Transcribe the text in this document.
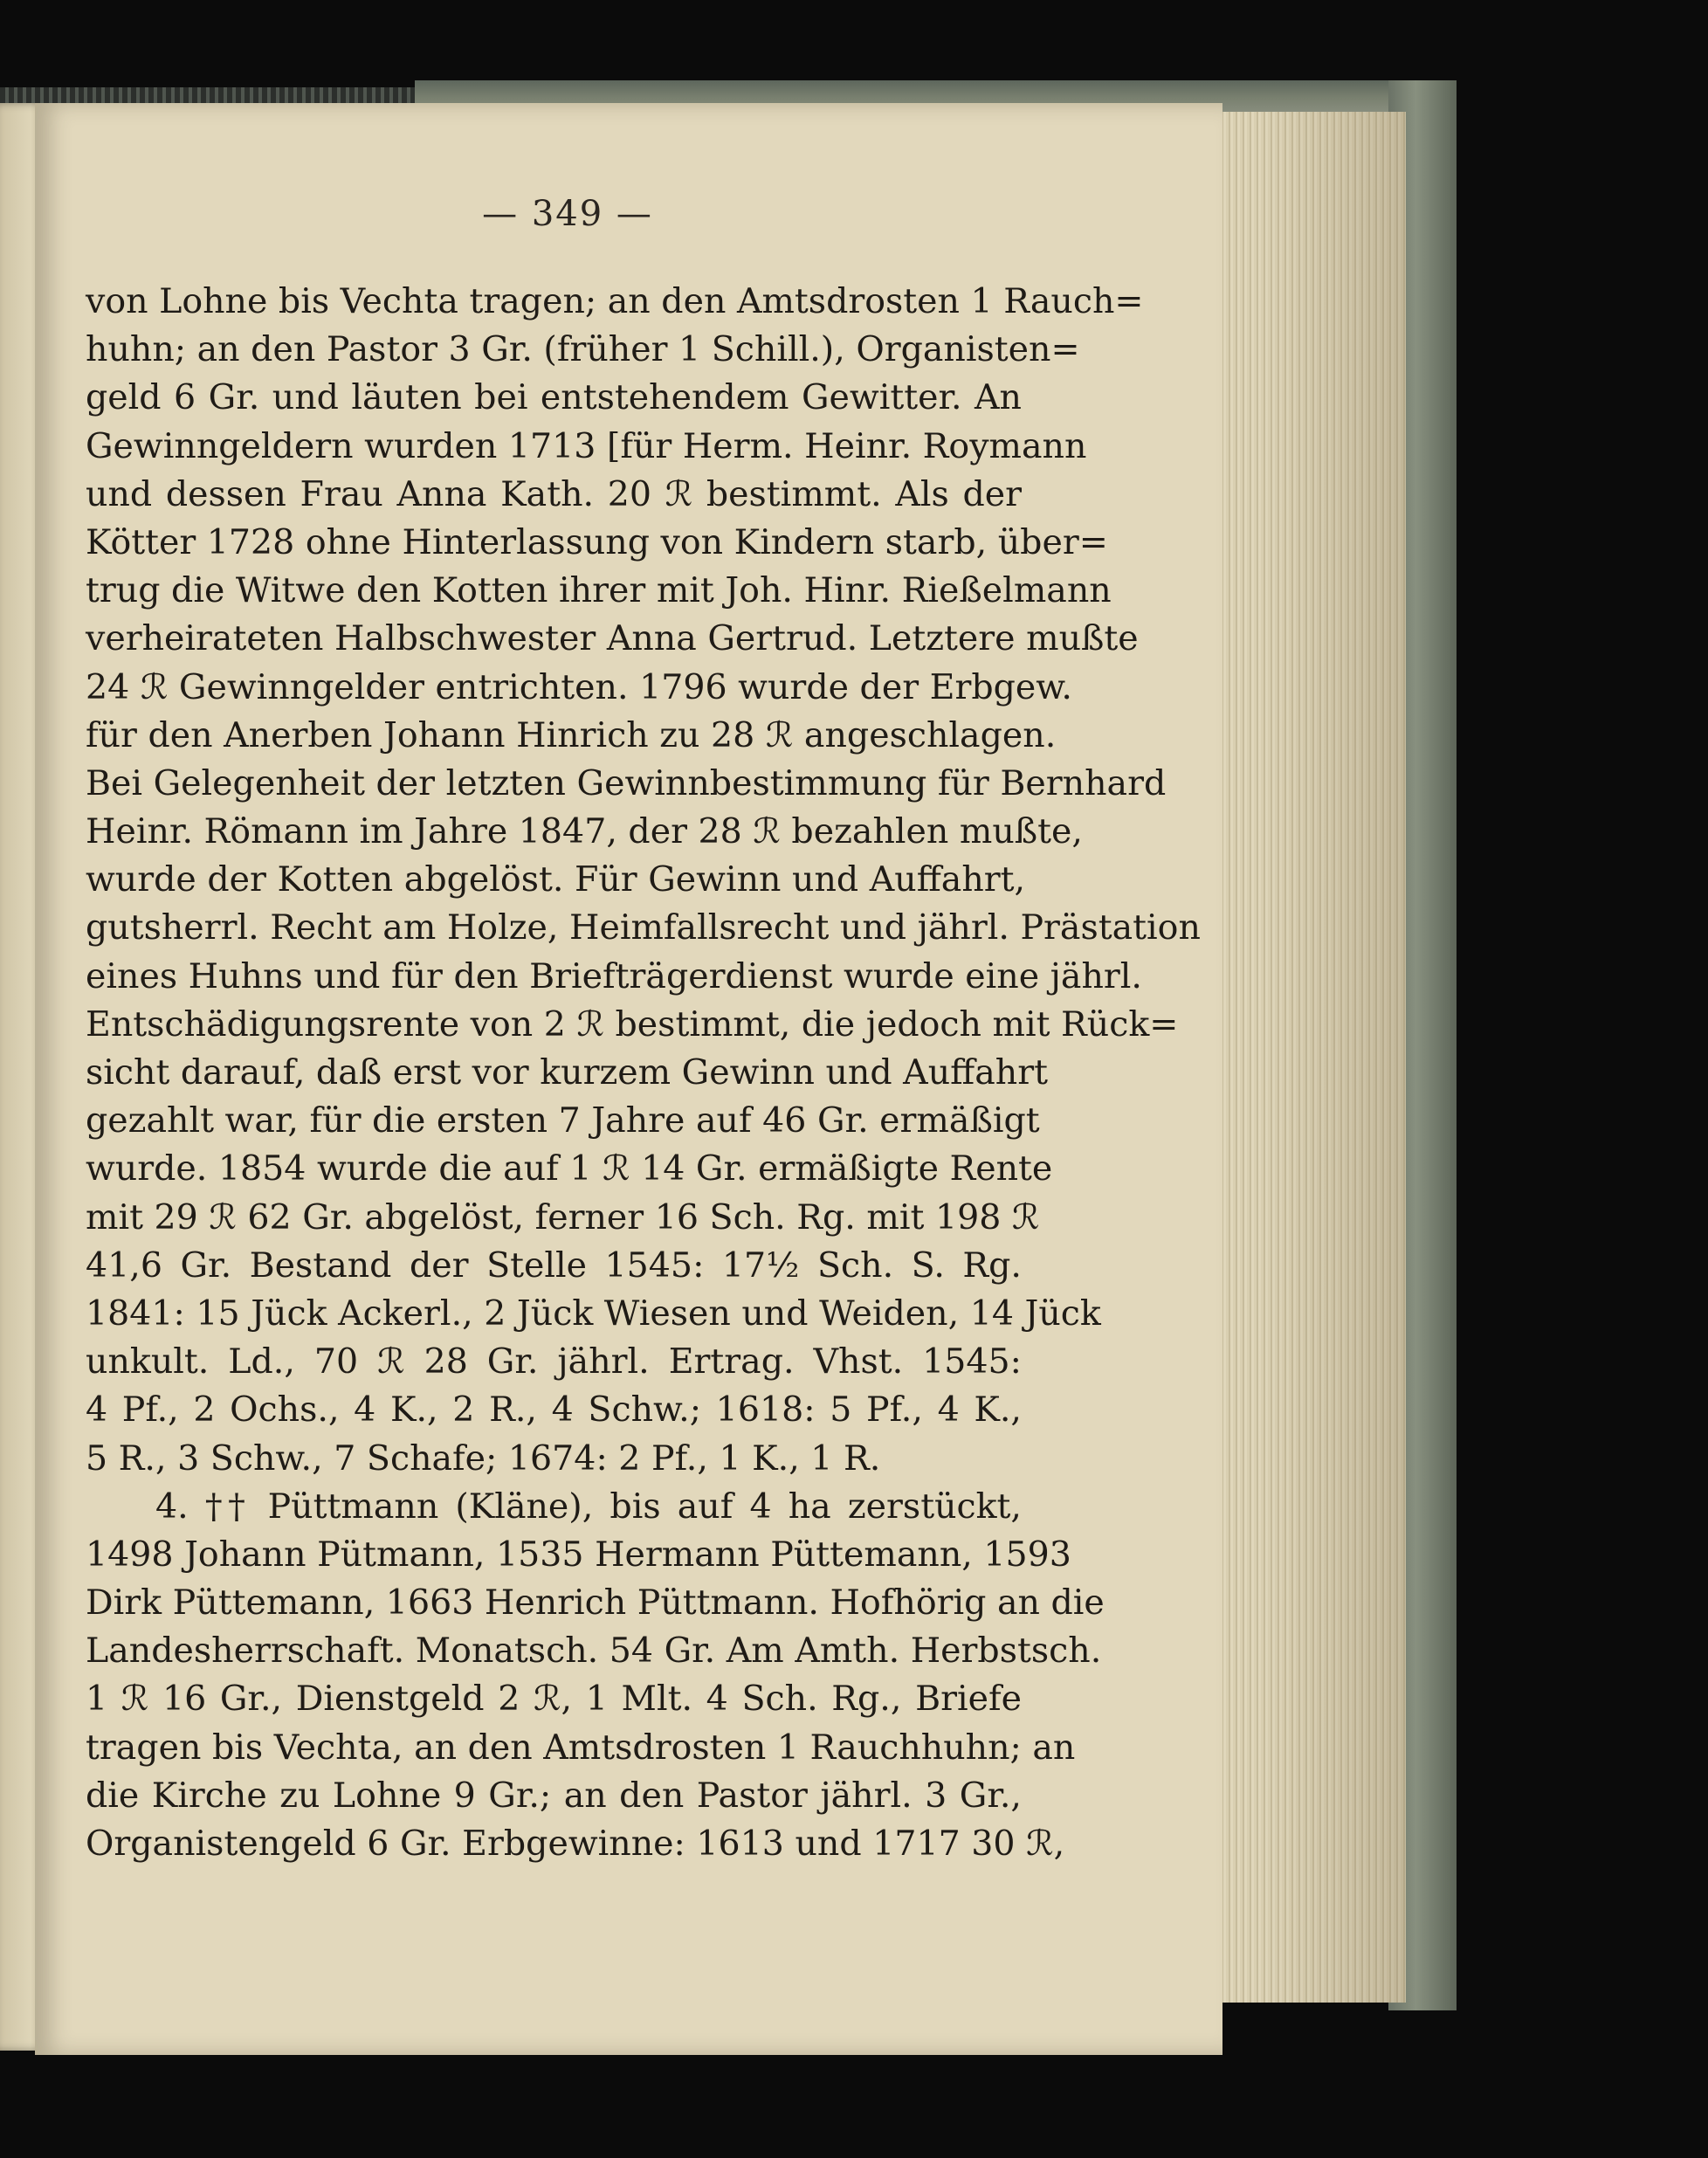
— 349 —
von Lohne bis Vechta tragen; an den Amtsdrosten 1 Rauch=
huhn; an den Pastor 3 Gr. (früher 1 Schill.), Organisten=
geld 6 Gr. und läuten bei entstehendem Gewitter. An
Gewinngeldern wurden 1713 [für Herm. Heinr. Roymann
und dessen Frau Anna Kath. 20 ℛ bestimmt. Als der
Kötter 1728 ohne Hinterlassung von Kindern starb, über=
trug die Witwe den Kotten ihrer mit Joh. Hinr. Rießelmann
verheirateten Halbschwester Anna Gertrud. Letztere mußte
24 ℛ Gewinngelder entrichten. 1796 wurde der Erbgew.
für den Anerben Johann Hinrich zu 28 ℛ angeschlagen.
Bei Gelegenheit der letzten Gewinnbestimmung für Bernhard
Heinr. Römann im Jahre 1847, der 28 ℛ bezahlen mußte,
wurde der Kotten abgelöst. Für Gewinn und Auffahrt,
gutsherrl. Recht am Holze, Heimfallsrecht und jährl. Prästation
eines Huhns und für den Briefträgerdienst wurde eine jährl.
Entschädigungsrente von 2 ℛ bestimmt, die jedoch mit Rück=
sicht darauf, daß erst vor kurzem Gewinn und Auffahrt
gezahlt war, für die ersten 7 Jahre auf 46 Gr. ermäßigt
wurde. 1854 wurde die auf 1 ℛ 14 Gr. ermäßigte Rente
mit 29 ℛ 62 Gr. abgelöst, ferner 16 Sch. Rg. mit 198 ℛ
41,6 Gr. Bestand der Stelle 1545: 17½ Sch. S. Rg.
1841: 15 Jück Ackerl., 2 Jück Wiesen und Weiden, 14 Jück
unkult. Ld., 70 ℛ 28 Gr. jährl. Ertrag. Vhst. 1545:
4 Pf., 2 Ochs., 4 K., 2 R., 4 Schw.; 1618: 5 Pf., 4 K.,
5 R., 3 Schw., 7 Schafe; 1674: 2 Pf., 1 K., 1 R.
4. †† Püttmann (Kläne), bis auf 4 ha zerstückt,
1498 Johann Pütmann, 1535 Hermann Püttemann, 1593
Dirk Püttemann, 1663 Henrich Püttmann. Hofhörig an die
Landesherrschaft. Monatsch. 54 Gr. Am Amth. Herbstsch.
1 ℛ 16 Gr., Dienstgeld 2 ℛ, 1 Mlt. 4 Sch. Rg., Briefe
tragen bis Vechta, an den Amtsdrosten 1 Rauchhuhn; an
die Kirche zu Lohne 9 Gr.; an den Pastor jährl. 3 Gr.,
Organistengeld 6 Gr. Erbgewinne: 1613 und 1717 30 ℛ,
